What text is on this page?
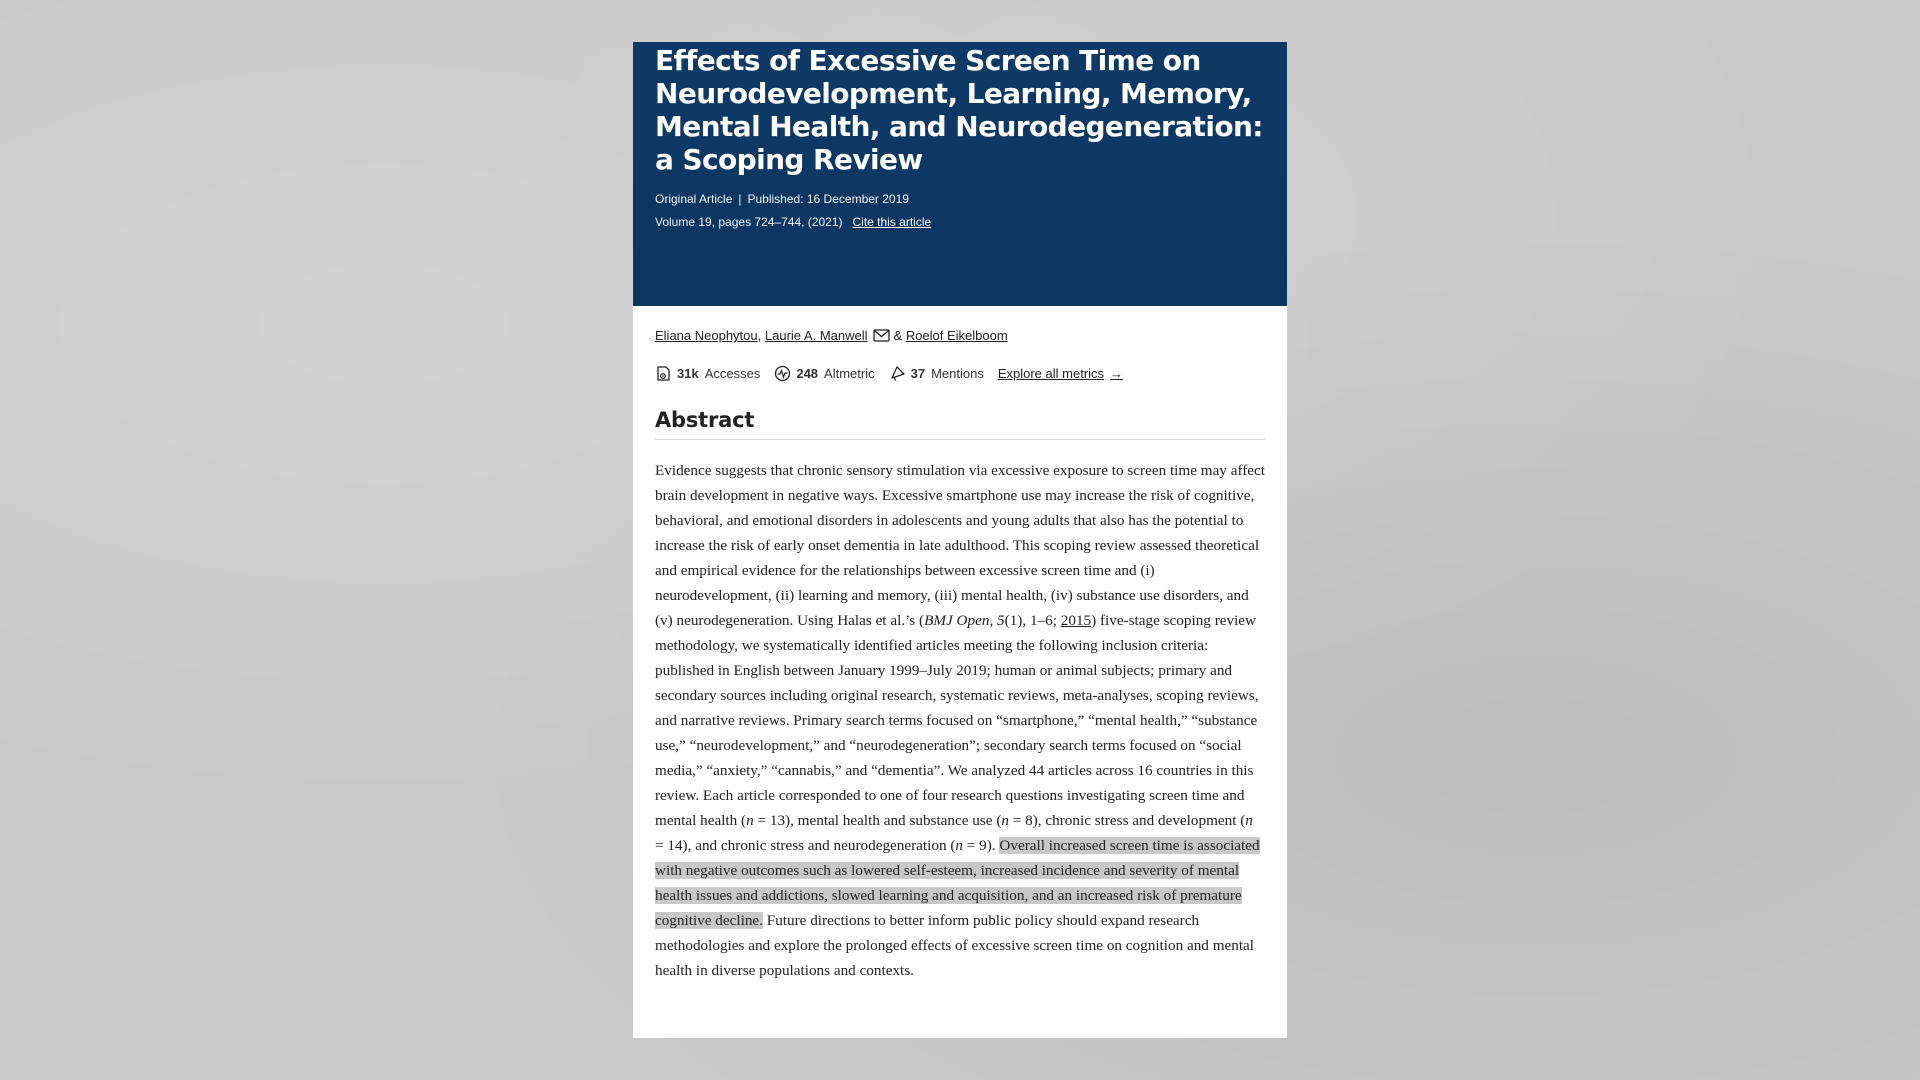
Effects of Excessive Screen Time on Neurodevelopment, Learning, Memory, Mental Health, and Neurodegeneration: a Scoping Review
Original Article | Published: 16 December 2019
Volume 19, pages 724–744, (2021) Cite this article
Eliana Neophytou ,
Laurie A. Manwell &
Roelof Eikelboom
31k Accesses	248 Altmetric	37 Mentions Explore all metrics →
Abstract

Evidence suggests that chronic sensory stimulation via excessive exposure to screen time may affect brain development in negative ways. Excessive smartphone use may increase the risk of cognitive, behavioral, and emotional disorders in adolescents and young adults that also has the potential to increase the risk of early onset dementia in late adulthood. This scoping review assessed theoretical and empirical evidence for the relationships between excessive screen time and (i) neurodevelopment, (ii) learning and memory, (iii) mental health, (iv) substance use disorders, and (v) neurodegeneration. Using Halas et al.’s (BMJ Open, 5(1), 1–6; 2015) five-stage scoping review methodology, we systematically identified articles meeting the following inclusion criteria: published in English between January 1999–July 2019; human or animal subjects; primary and secondary sources including original research, systematic reviews, meta-analyses, scoping reviews, and narrative reviews. Primary search terms focused on “smartphone,” “mental health,” “substance use,” “neurodevelopment,” and “neurodegeneration”; secondary search terms focused on “social media,” “anxiety,” “cannabis,” and “dementia”. We analyzed 44 articles across 16 countries in this review. Each article corresponded to one of four research questions investigating screen time and mental health (n = 13), mental health and substance use (n = 8), chronic stress and development (n = 14), and chronic stress and neurodegeneration (n = 9). Overall increased screen time is associated with negative outcomes such as lowered self-esteem, increased incidence and severity of mental health issues and addictions, slowed learning and acquisition, and an increased risk of premature cognitive decline. Future directions to better inform public policy should expand research methodologies and explore the prolonged effects of excessive screen time on cognition and mental health in diverse populations and contexts.
